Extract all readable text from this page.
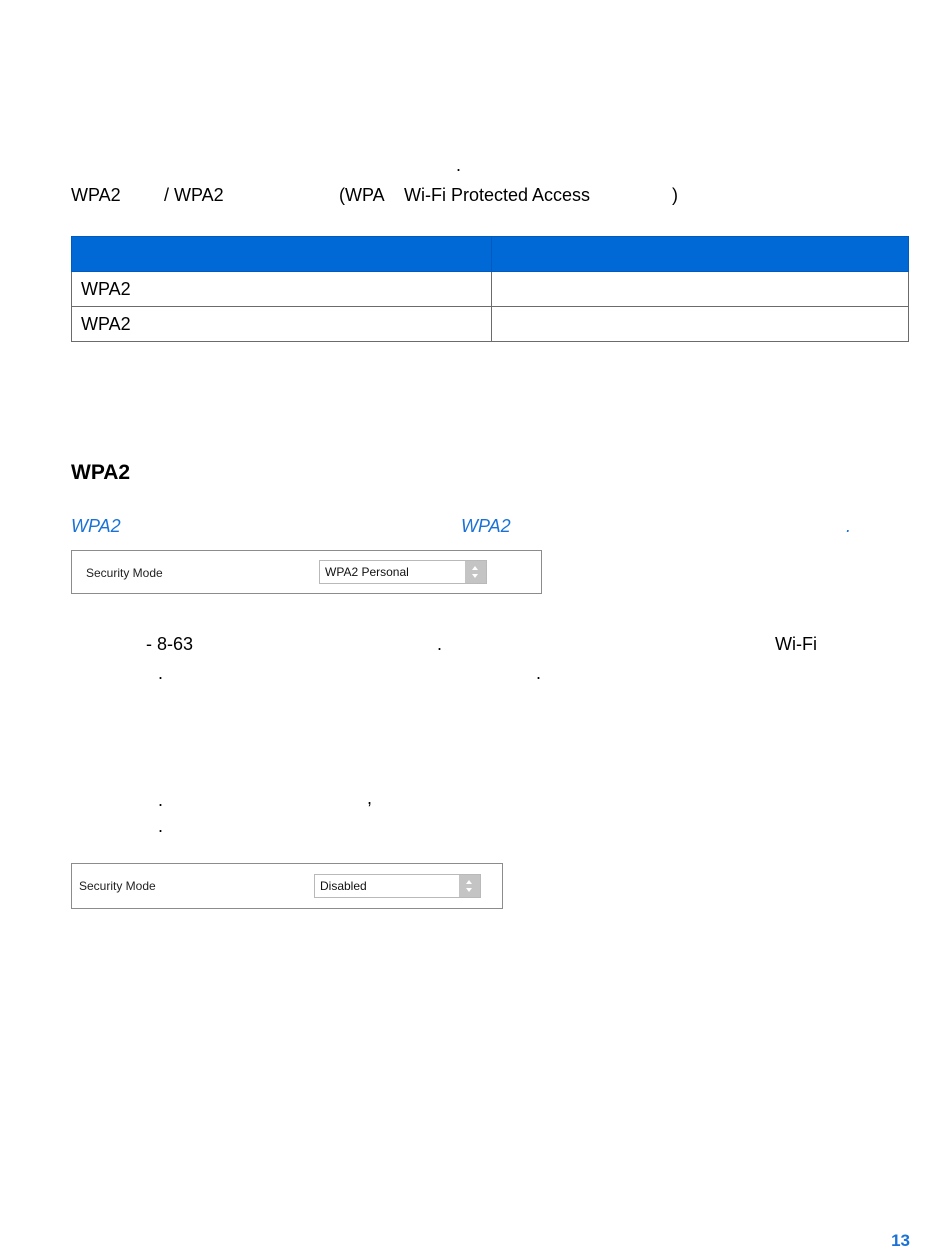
.
WPA2 / WPA2	(WPA Wi-Fi Protected Access	)

WPA2	
WPA2	
WPA2
WPA2	WPA2	.
Security Mode	WPA2 Personal
- 8-63	.	Wi-Fi
.	.
.	,
.
Security Mode	Disabled
13
